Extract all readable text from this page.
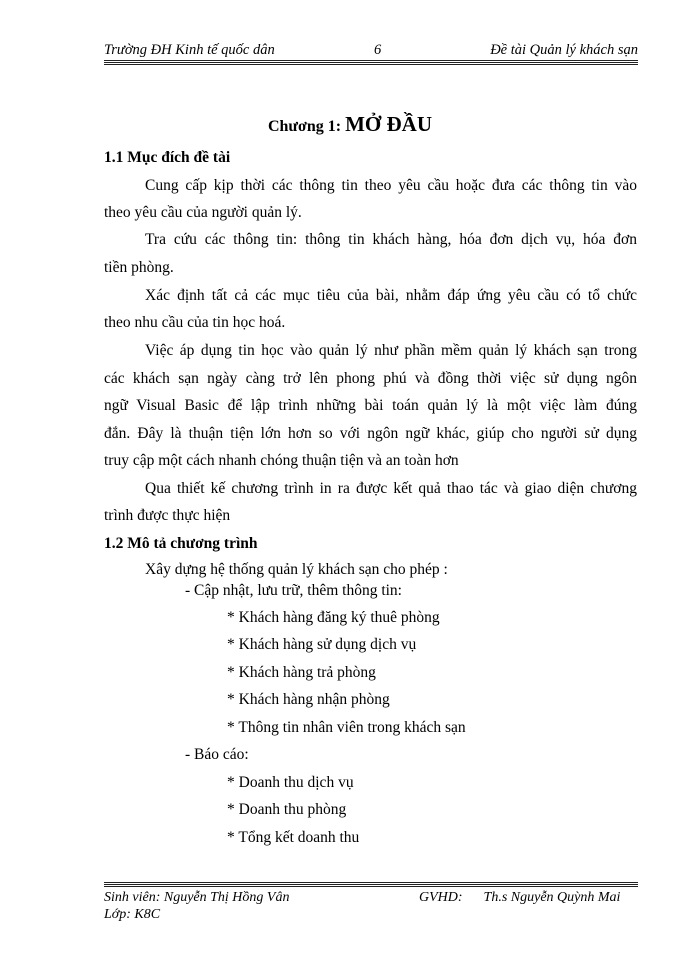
Trường ĐH Kinh tế quốc dân	6	Đề tài Quản lý khách sạn
Chương 1: MỞ ĐẦU
1.1 Mục đích đề tài
Cung cấp kịp thời các thông tin theo yêu cầu hoặc đưa các thông tin vào
theo yêu cầu của người quản lý.
Tra cứu các thông tin: thông tin khách hàng, hóa đơn dịch vụ, hóa đơn
tiền phòng.
Xác định tất cả các mục tiêu của bài, nhằm đáp ứng yêu cầu có tổ chức
theo nhu cầu của tin học hoá.
Việc áp dụng tin học vào quản lý như phần mềm quản lý khách sạn trong
các khách sạn ngày càng trở lên phong phú và đồng thời việc sử dụng ngôn
ngữ Visual Basic để lập trình những bài toán quản lý là một việc làm đúng
đắn. Đây là thuận tiện lớn hơn so với ngôn ngữ khác, giúp cho người sử dụng
truy cập một cách nhanh chóng thuận tiện và an toàn hơn
Qua thiết kế chương trình in ra được kết quả thao tác và giao diện chương
trình được thực hiện
1.2 Mô tả chương trình
Xây dựng hệ thống quản lý khách sạn cho phép :
- Cập nhật, lưu trữ, thêm thông tin:
* Khách hàng đăng ký thuê phòng
* Khách hàng sử dụng dịch vụ
* Khách hàng trả phòng
* Khách hàng nhận phòng
* Thông tin nhân viên trong khách sạn
- Báo cáo:
* Doanh thu dịch vụ
* Doanh thu phòng
* Tổng kết doanh thu
Sinh viên: Nguyễn Thị Hồng Vân	GVHD: Th.s Nguyễn Quỳnh Mai
Lớp: K8C
